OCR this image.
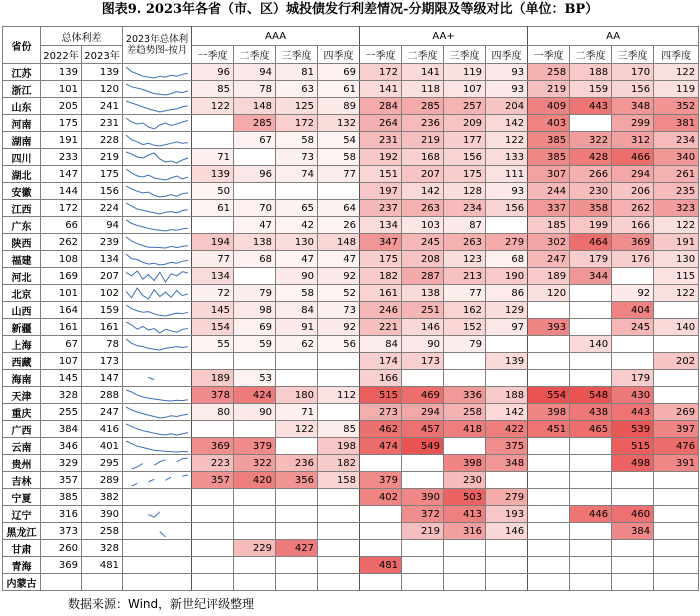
图表9. 2023年各省（市、区）城投债发行利差情况-分期限及等级对比（单位：BP）
省份	总体利差		2023年总体利差趋势图-按月	AAA				AA+				AA			
	2022年	2023年		一季度	二季度	三季度	四季度	一季度	二季度	三季度	四季度	一季度	二季度	三季度	四季度
江苏	139	139		96	94	81	69	172	141	119	93	258	188	170	122
浙江	101	120		85	78	63	61	141	118	107	93	219	159	156	119
山东	205	241		122	148	125	89	284	285	257	204	409	443	348	352
河南	175	231			285	172	132	264	236	209	142	403		299	381
湖南	191	228			67	58	54	231	219	177	122	385	322	312	234
四川	233	219		71		73	58	192	168	156	133	385	428	466	340
湖北	147	175		139	96	74	77	151	207	175	111	307	266	294	261
安徽	144	156		50				197	142	128	93	244	230	206	235
江西	172	224		61	70	65	64	237	263	234	156	337	358	262	323
广东	66	94			47	42	26	134	103	87		185	199	166	122
陕西	262	239		194	138	130	148	347	245	263	279	302	464	369	191
福建	108	134		77	68	47	47	175	208	123	68	247	179	176	130
河北	169	207		134		90	92	182	287	213	190	189	344		115
北京	101	102		72	79	58	52	161	138	77	86	120		92	122
山西	164	159		145	98	84	73	246	251	162	129			404	
新疆	161	161		154	69	91	92	221	146	152	97	393		245	140
上海	67	78		55	59	62	56	84	90	79			140		
西藏	107	173						174	173		139				202
海南	145	147		189	53			166						179	
天津	328	288		378	424	180	112	515	469	336	188	554	548	430	
重庆	255	247		80	90	71		273	294	258	142	398	438	443	269
广西	384	416				122	85	462	457	418	422	451	465	539	397
云南	346	401		369	379		198	474	549		375			515	476
贵州	329	295		223	322	236	182			398	348			498	391
吉林	357	289		357	420	356	158	379		230					
宁夏	385	382						402	390	503	279				
辽宁	316	390							372	413	193		446	460	
黑龙江	373	258							219	316	146			384	
甘肃	260	328			229	427									
青海	369	481						481							
内蒙古			

数据来源：Wind，新世纪评级整理
